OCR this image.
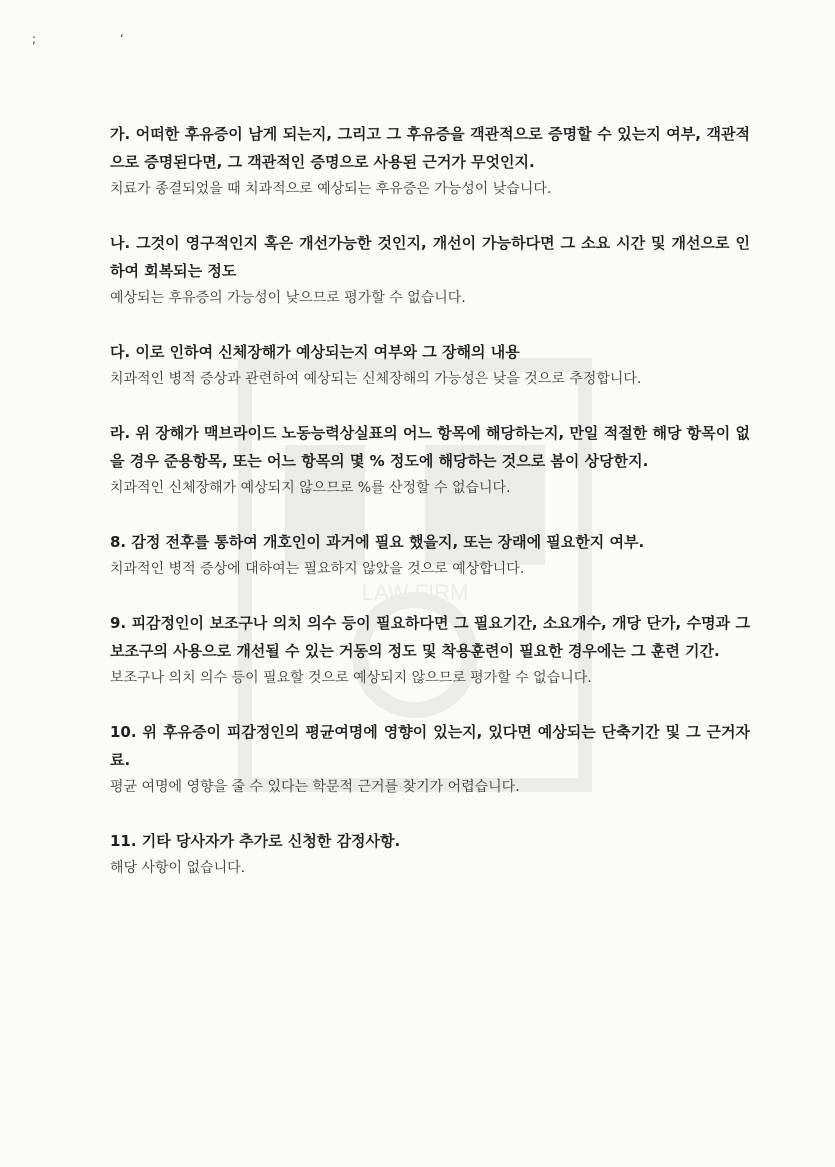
; ‘
LAW FIRM

가. 어떠한 후유증이 남게 되는지, 그리고 그 후유증을 객관적으로 증명할 수 있는지 여부, 객관적으로 증명된다면, 그 객관적인 증명으로 사용된 근거가 무엇인지.

치료가 종결되었을 때 치과적으로 예상되는 후유증은 가능성이 낮습니다.

나. 그것이 영구적인지 혹은 개선가능한 것인지, 개선이 가능하다면 그 소요 시간 및 개선으로 인하여 회복되는 정도

예상되는 후유증의 가능성이 낮으므로 평가할 수 없습니다.

다. 이로 인하여 신체장해가 예상되는지 여부와 그 장해의 내용

치과적인 병적 증상과 관련하여 예상되는 신체장해의 가능성은 낮을 것으로 추정합니다.

라. 위 장해가 맥브라이드 노동능력상실표의 어느 항목에 해당하는지, 만일 적절한 해당 항목이 없을 경우 준용항목, 또는 어느 항목의 몇 % 정도에 해당하는 것으로 봄이 상당한지.

치과적인 신체장해가 예상되지 않으므로 %를 산정할 수 없습니다.

8. 감정 전후를 통하여 개호인이 과거에 필요 했을지, 또는 장래에 필요한지 여부.

치과적인 병적 증상에 대하여는 필요하지 않았을 것으로 예상합니다.

9. 피감정인이 보조구나 의치 의수 등이 필요하다면 그 필요기간, 소요개수, 개당 단가, 수명과 그 보조구의 사용으로 개선될 수 있는 거동의 정도 및 착용훈련이 필요한 경우에는 그 훈련 기간.

보조구나 의치 의수 등이 필요할 것으로 예상되지 않으므로 평가할 수 없습니다.

10. 위 후유증이 피감정인의 평균여명에 영향이 있는지, 있다면 예상되는 단축기간 및 그 근거자료.

평균 여명에 영향을 줄 수 있다는 학문적 근거를 찾기가 어렵습니다.

11. 기타 당사자가 추가로 신청한 감정사항.

해당 사항이 없습니다.
